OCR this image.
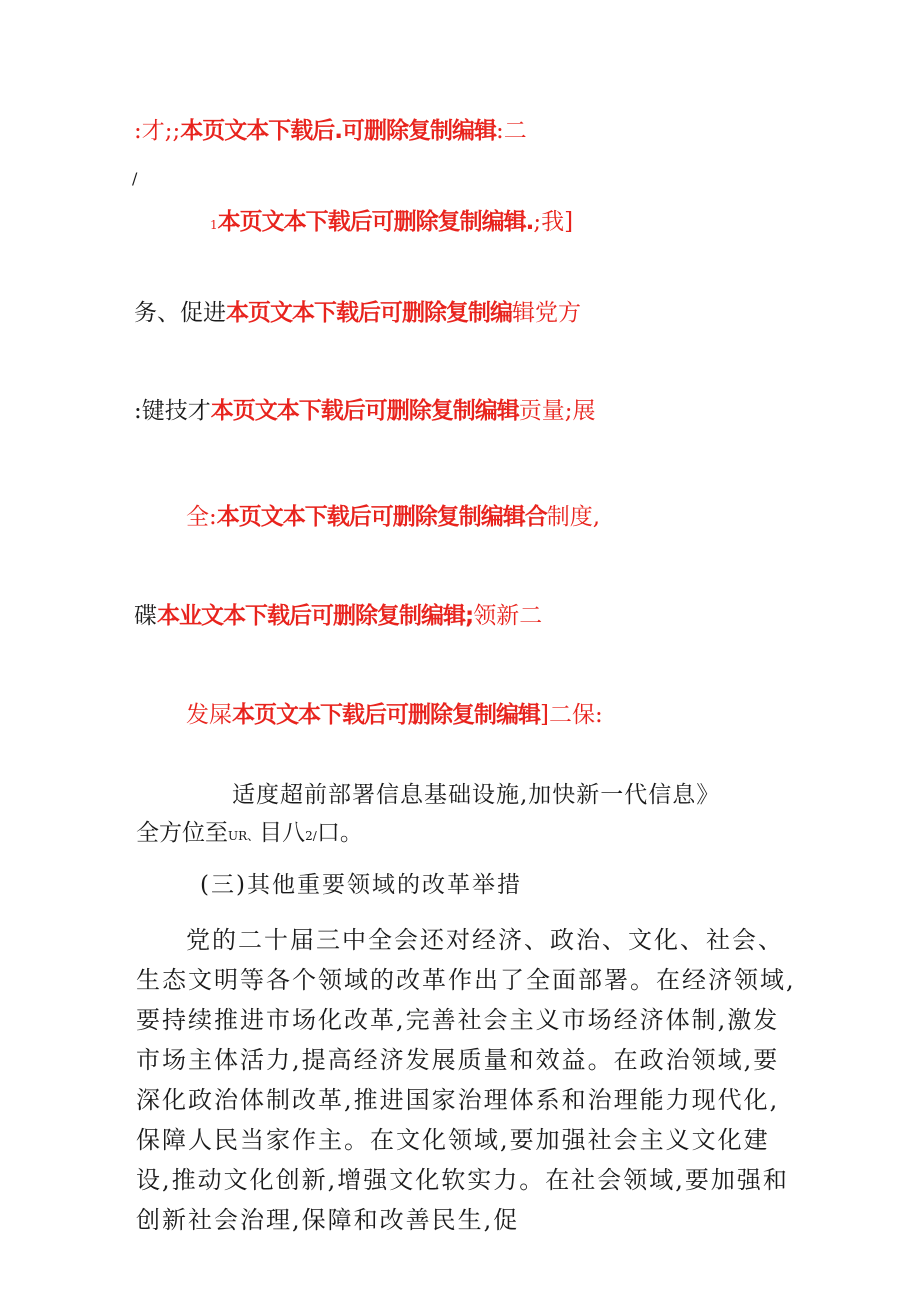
:才;;本页文本下载后.可删除复制编辑:二
/
1本页文本下载后可删除复制编辑.;我]
务、促进本页文本下载后可删除复制编辑党方
:键技才本页文本下载后可删除复制编辑贡量;展
全:本页文本下载后可删除复制编辑合制度,
碟本业文本下载后可删除复制编辑;领新二
发屎本页文本下载后可删除复制编辑]二保:
适度超前部署信息基础设施,加快新一代信息》
全方位至UR、目八2/口。
(三)其他重要领域的改革举措

党的二十届三中全会还对经济、政治、文化、社会、生态文明等各个领域的改革作出了全面部署。在经济领域,要持续推进市场化改革,完善社会主义市场经济体制,激发市场主体活力,提高经济发展质量和效益。在政治领域,要深化政治体制改革,推进国家治理体系和治理能力现代化,保障人民当家作主。在文化领域,要加强社会主义文化建设,推动文化创新,增强文化软实力。在社会领域,要加强和创新社会治理,保障和改善民生,促
